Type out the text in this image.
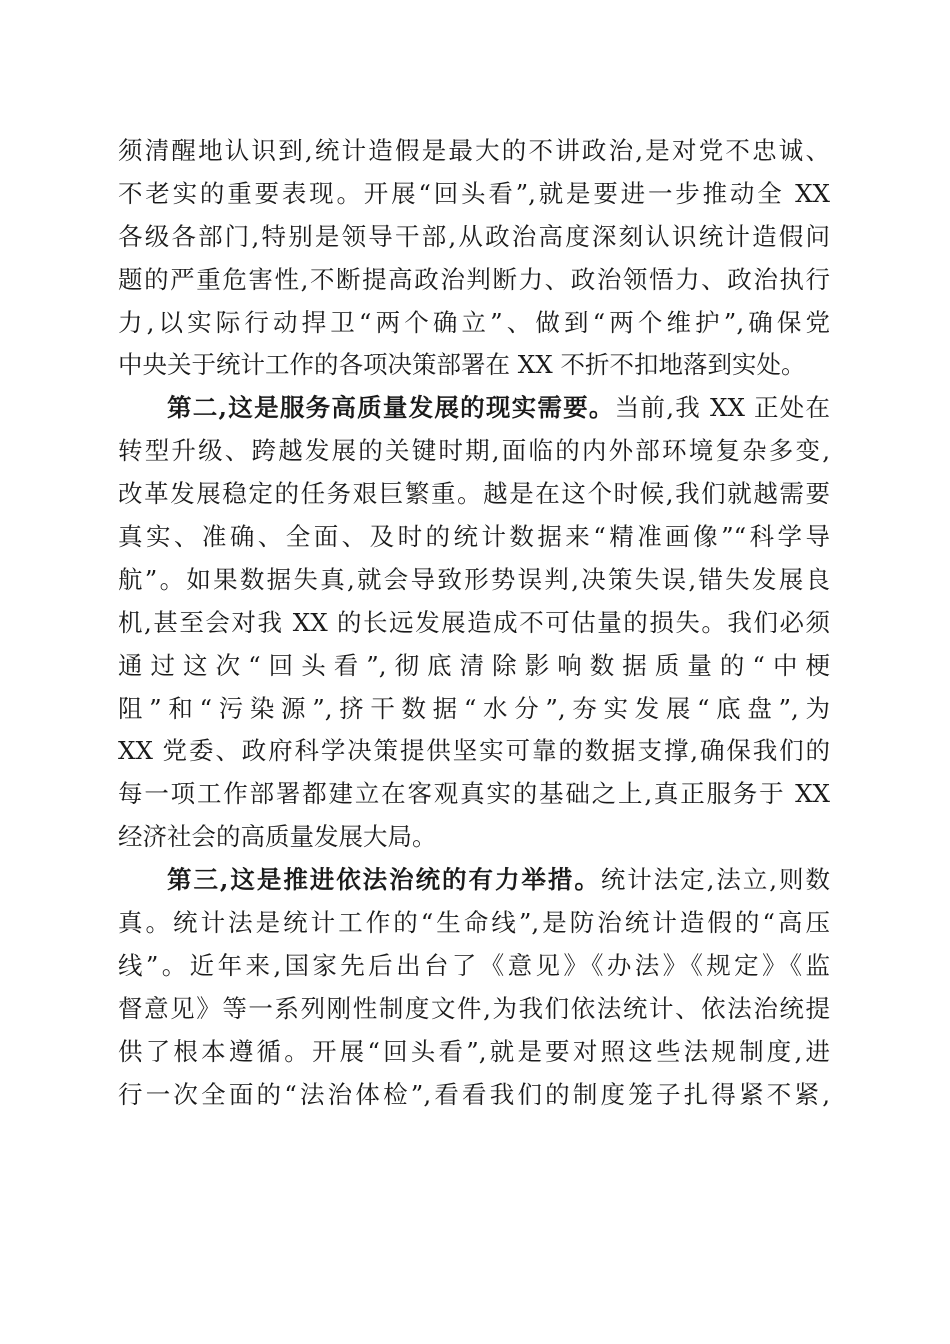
须清醒地认识到,统计造假是最大的不讲政治,是对党不忠诚、
不老实的重要表现。开展“回头看”,就是要进一步推动全 XX
各级各部门,特别是领导干部,从政治高度深刻认识统计造假问
题的严重危害性,不断提高政治判断力、政治领悟力、政治执行
力,以实际行动捍卫“两个确立”、做到“两个维护”,确保党
中央关于统计工作的各项决策部署在 XX 不折不扣地落到实处。
第二,这是服务高质量发展的现实需要。当前,我 XX 正处在
转型升级、跨越发展的关键时期,面临的内外部环境复杂多变,
改革发展稳定的任务艰巨繁重。越是在这个时候,我们就越需要
真实、准确、全面、及时的统计数据来“精准画像”“科学导
航”。如果数据失真,就会导致形势误判,决策失误,错失发展良
机,甚至会对我 XX 的长远发展造成不可估量的损失。我们必须
通过这次“回头看”,彻底清除影响数据质量的“中梗
阻”和“污染源”,挤干数据“水分”,夯实发展“底盘”,为
XX 党委、政府科学决策提供坚实可靠的数据支撑,确保我们的
每一项工作部署都建立在客观真实的基础之上,真正服务于 XX
经济社会的高质量发展大局。
第三,这是推进依法治统的有力举措。统计法定,法立,则数
真。统计法是统计工作的“生命线”,是防治统计造假的“高压
线”。近年来,国家先后出台了《意见》《办法》《规定》《监
督意见》等一系列刚性制度文件,为我们依法统计、依法治统提
供了根本遵循。开展“回头看”,就是要对照这些法规制度,进
行一次全面的“法治体检”,看看我们的制度笼子扎得紧不紧,
